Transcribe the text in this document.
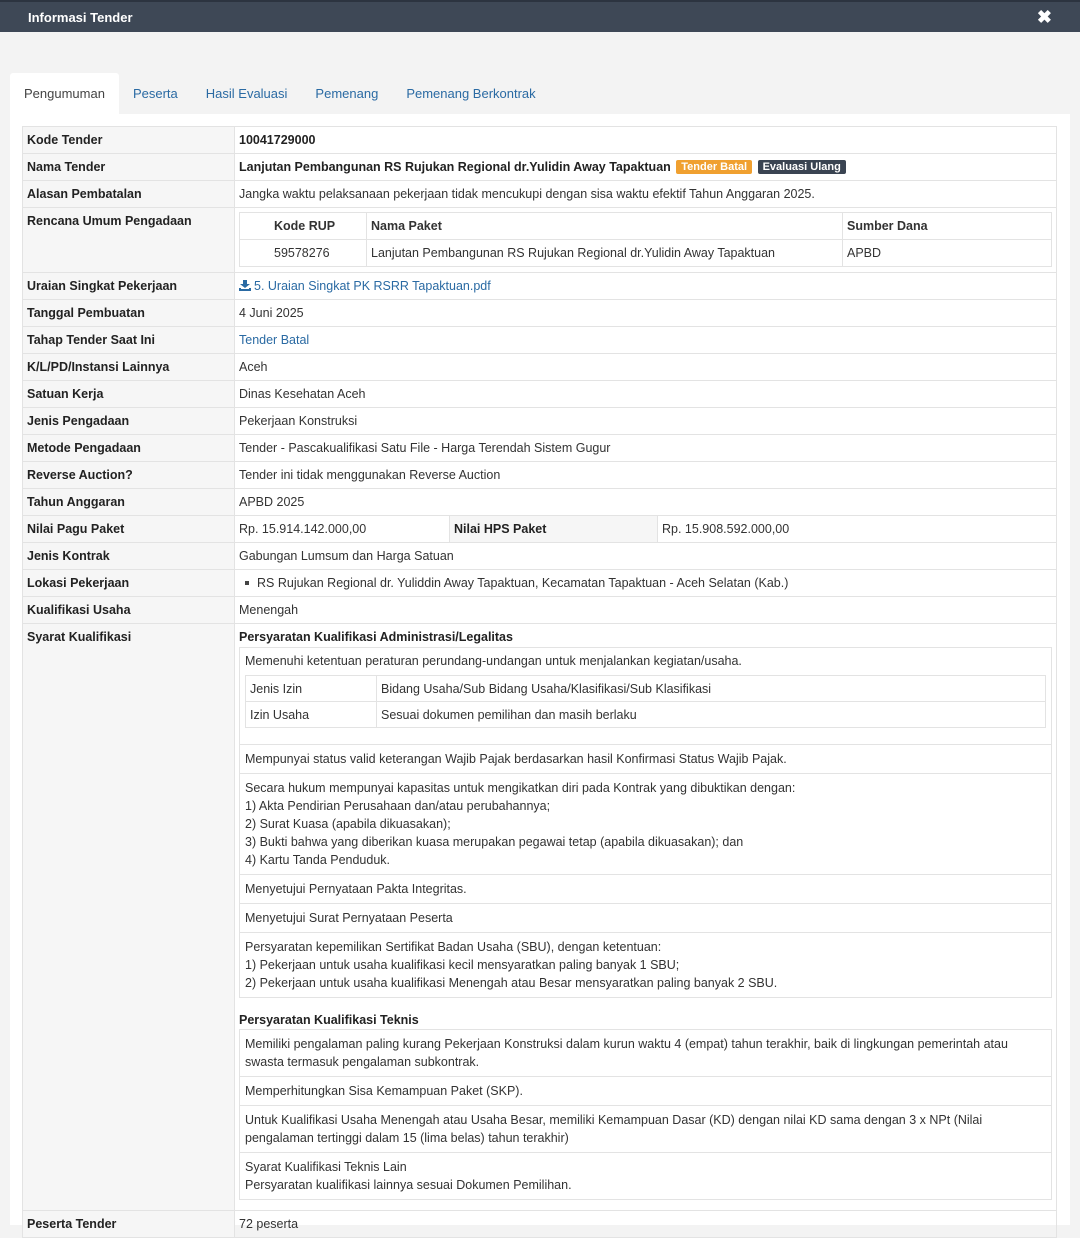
Informasi Tender	✖
Pengumuman	Peserta	Hasil Evaluasi	Pemenang	Pemenang Berkontrak
Kode Tender	10041729000
Nama Tender	Lanjutan Pembangunan RS Rujukan Regional dr.Yulidin Away Tapaktuan Tender Batal Evaluasi Ulang
Alasan Pembatalan	Jangka waktu pelaksanaan pekerjaan tidak mencukupi dengan sisa waktu efektif Tahun Anggaran 2025.
Rencana Umum Pengadaan		Kode RUP	Nama Paket	Sumber Dana
59578276	Lanjutan Pembangunan RS Rujukan Regional dr.Yulidin Away Tapaktuan	APBD

Uraian Singkat Pekerjaan	5. Uraian Singkat PK RSRR Tapaktuan.pdf
Tanggal Pembuatan	4 Juni 2025
Tahap Tender Saat Ini	Tender Batal
K/L/PD/Instansi Lainnya	Aceh
Satuan Kerja	Dinas Kesehatan Aceh
Jenis Pengadaan	Pekerjaan Konstruksi
Metode Pengadaan	Tender - Pascakualifikasi Satu File - Harga Terendah Sistem Gugur
Reverse Auction?	Tender ini tidak menggunakan Reverse Auction
Tahun Anggaran	APBD 2025
Nilai Pagu Paket	Rp. 15.914.142.000,00	Nilai HPS Paket	Rp. 15.908.592.000,00

Jenis Kontrak	Gabungan Lumsum dan Harga Satuan
Lokasi Pekerjaan	RS Rujukan Regional dr. Yuliddin Away Tapaktuan, Kecamatan Tapaktuan - Aceh Selatan (Kab.)
Kualifikasi Usaha	Menengah
Syarat Kualifikasi	Persyaratan Kualifikasi Administrasi/Legalitas
Memenuhi ketentuan peraturan perundang-undangan untuk menjalankan kegiatan/usaha.
Jenis Izin	Bidang Usaha/Sub Bidang Usaha/Klasifikasi/Sub Klasifikasi
Izin Usaha	Sesuai dokumen pemilihan dan masih berlaku
Mempunyai status valid keterangan Wajib Pajak berdasarkan hasil Konfirmasi Status Wajib Pajak.
Secara hukum mempunyai kapasitas untuk mengikatkan diri pada Kontrak yang dibuktikan dengan:
1) Akta Pendirian Perusahaan dan/atau perubahannya;
2) Surat Kuasa (apabila dikuasakan);
3) Bukti bahwa yang diberikan kuasa merupakan pegawai tetap (apabila dikuasakan); dan
4) Kartu Tanda Penduduk.
Menyetujui Pernyataan Pakta Integritas.
Menyetujui Surat Pernyataan Peserta
Persyaratan kepemilikan Sertifikat Badan Usaha (SBU), dengan ketentuan:
1) Pekerjaan untuk usaha kualifikasi kecil mensyaratkan paling banyak 1 SBU;
2) Pekerjaan untuk usaha kualifikasi Menengah atau Besar mensyaratkan paling banyak 2 SBU.
Persyaratan Kualifikasi Teknis
Memiliki pengalaman paling kurang Pekerjaan Konstruksi dalam kurun waktu 4 (empat) tahun terakhir, baik di lingkungan pemerintah atau
swasta termasuk pengalaman subkontrak.
Memperhitungkan Sisa Kemampuan Paket (SKP).
Untuk Kualifikasi Usaha Menengah atau Usaha Besar, memiliki Kemampuan Dasar (KD) dengan nilai KD sama dengan 3 x NPt (Nilai
pengalaman tertinggi dalam 15 (lima belas) tahun terakhir)
Syarat Kualifikasi Teknis Lain
Persyaratan kualifikasi lainnya sesuai Dokumen Pemilihan.

Peserta Tender	72 peserta
